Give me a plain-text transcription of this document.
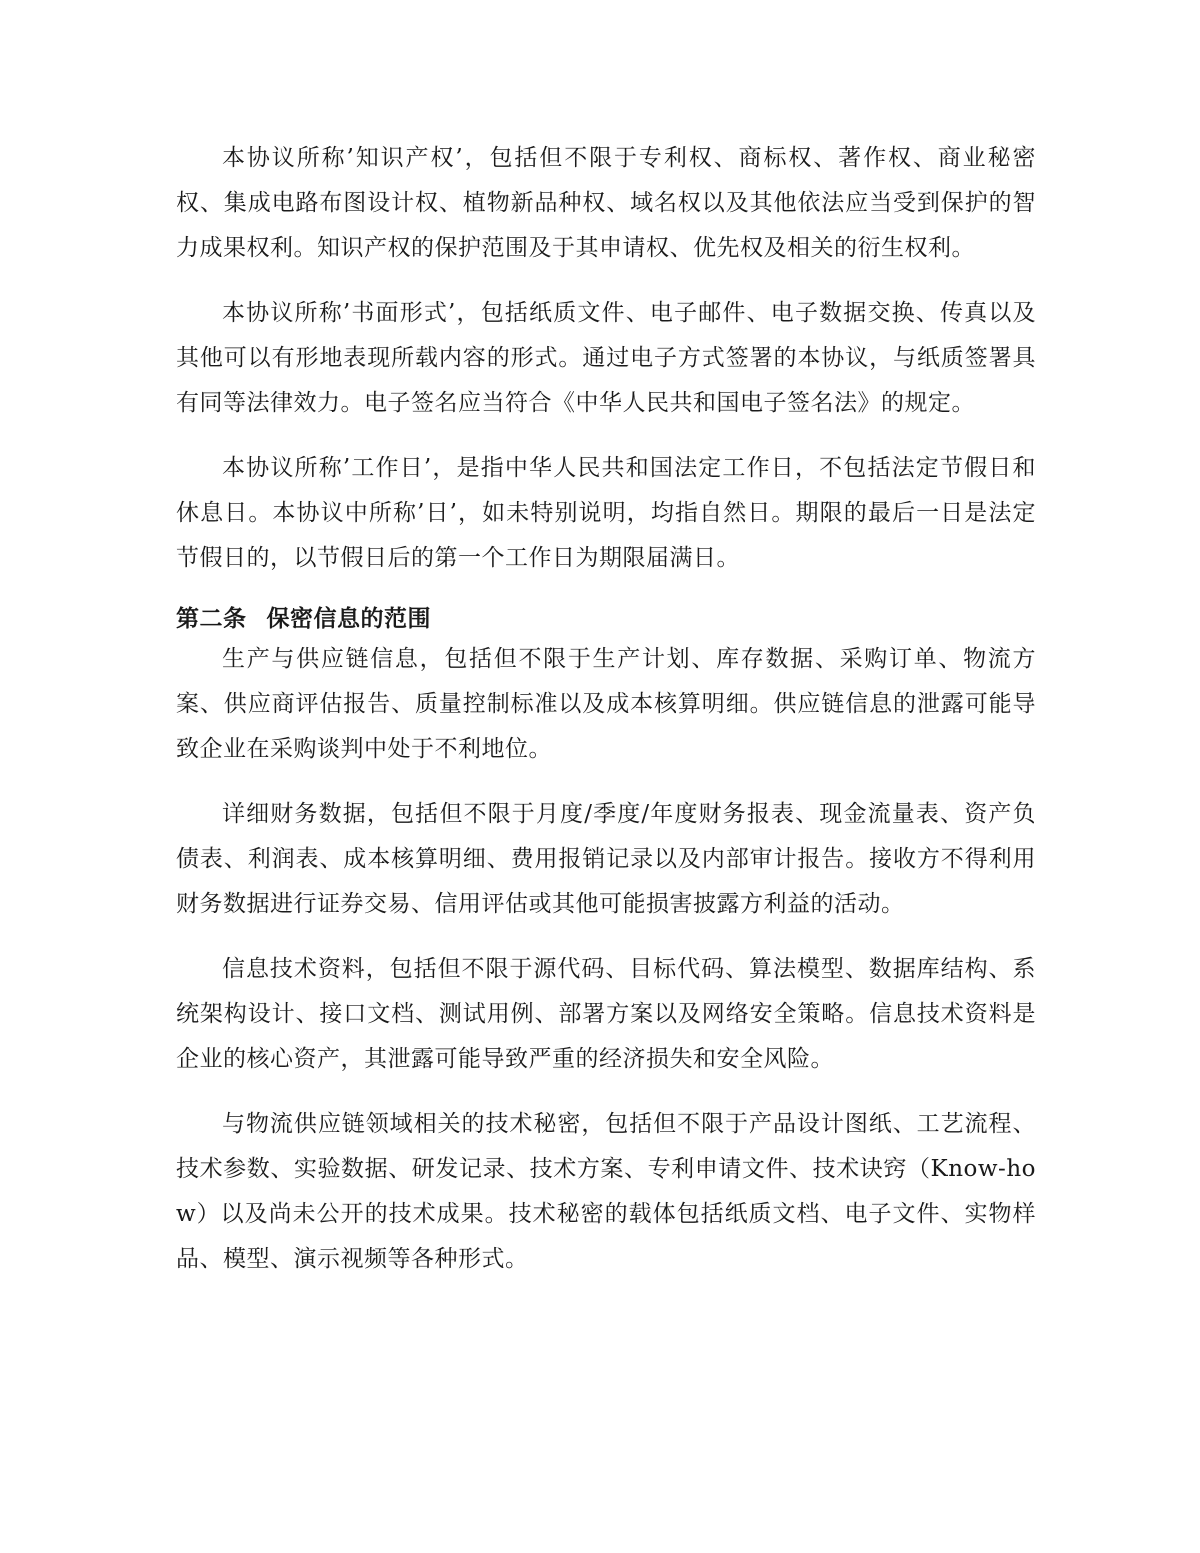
本协议所称’知识产权’，包括但不限于专利权、商标权、著作权、商业秘密权、集成电路布图设计权、植物新品种权、域名权以及其他依法应当受到保护的智力成果权利。知识产权的保护范围及于其申请权、优先权及相关的衍生权利。

本协议所称’书面形式’，包括纸质文件、电子邮件、电子数据交换、传真以及其他可以有形地表现所载内容的形式。通过电子方式签署的本协议，与纸质签署具有同等法律效力。电子签名应当符合《中华人民共和国电子签名法》的规定。

本协议所称’工作日’，是指中华人民共和国法定工作日，不包括法定节假日和休息日。本协议中所称’日’，如未特别说明，均指自然日。期限的最后一日是法定节假日的，以节假日后的第一个工作日为期限届满日。

第二条 保密信息的范围

生产与供应链信息，包括但不限于生产计划、库存数据、采购订单、物流方案、供应商评估报告、质量控制标准以及成本核算明细。供应链信息的泄露可能导致企业在采购谈判中处于不利地位。

详细财务数据，包括但不限于月度/季度/年度财务报表、现金流量表、资产负债表、利润表、成本核算明细、费用报销记录以及内部审计报告。接收方不得利用财务数据进行证券交易、信用评估或其他可能损害披露方利益的活动。

信息技术资料，包括但不限于源代码、目标代码、算法模型、数据库结构、系统架构设计、接口文档、测试用例、部署方案以及网络安全策略。信息技术资料是企业的核心资产，其泄露可能导致严重的经济损失和安全风险。

与物流供应链领域相关的技术秘密，包括但不限于产品设计图纸、工艺流程、技术参数、实验数据、研发记录、技术方案、专利申请文件、技术诀窍（Know-how）以及尚未公开的技术成果。技术秘密的载体包括纸质文档、电子文件、实物样品、模型、演示视频等各种形式。
